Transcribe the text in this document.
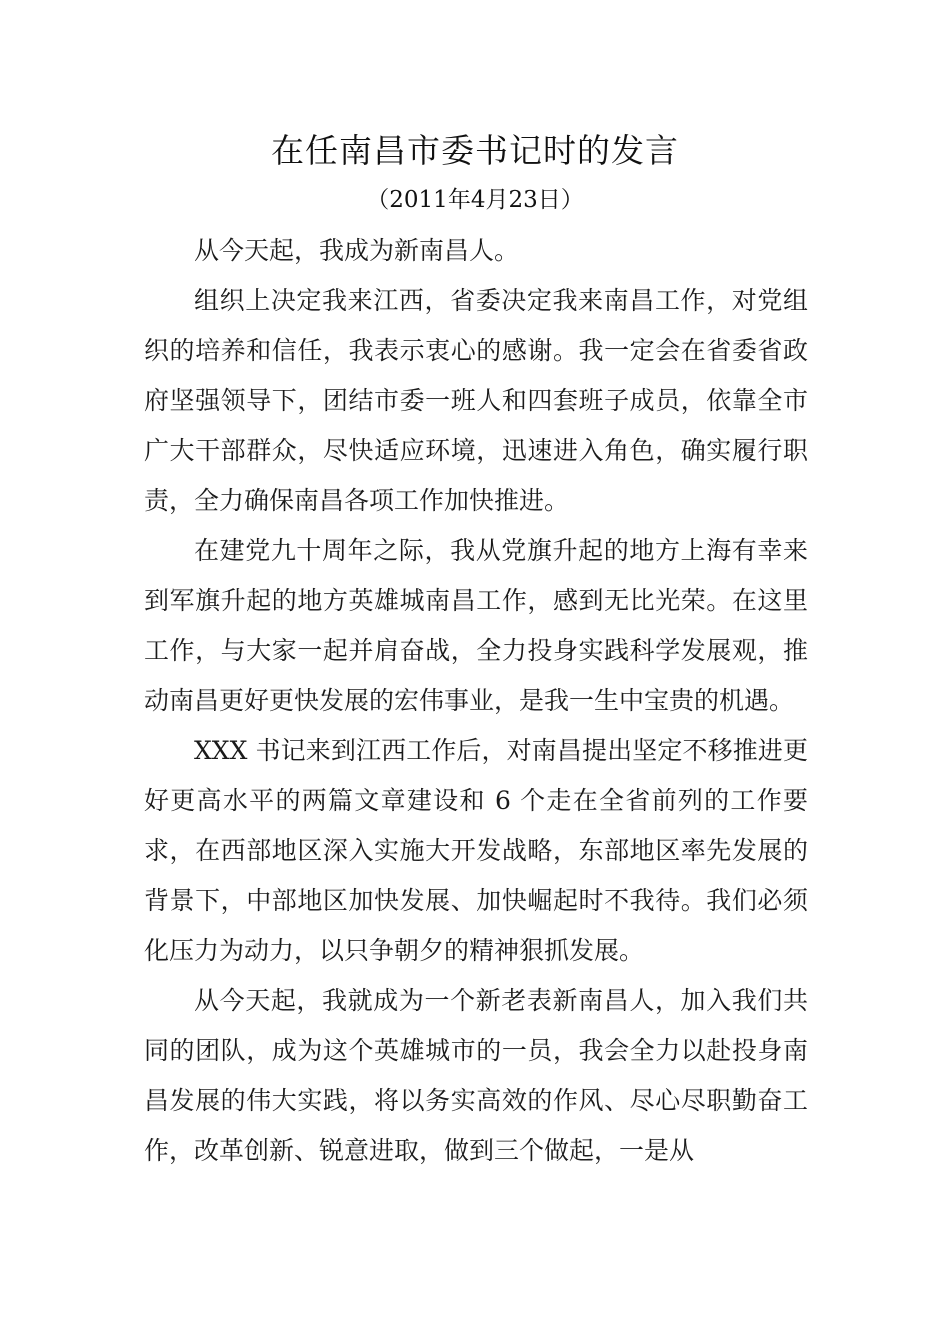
在任南昌市委书记时的发言
（2011年4月23日）

从今天起，我成为新南昌人。

组织上决定我来江西，省委决定我来南昌工作，对党组织的培养和信任，我表示衷心的感谢。我一定会在省委省政府坚强领导下，团结市委一班人和四套班子成员，依靠全市广大干部群众，尽快适应环境，迅速进入角色，确实履行职责，全力确保南昌各项工作加快推进。

在建党九十周年之际，我从党旗升起的地方上海有幸来到军旗升起的地方英雄城南昌工作，感到无比光荣。在这里工作，与大家一起并肩奋战，全力投身实践科学发展观，推动南昌更好更快发展的宏伟事业，是我一生中宝贵的机遇。

XXX 书记来到江西工作后，对南昌提出坚定不移推进更好更高水平的两篇文章建设和 6 个走在全省前列的工作要求，在西部地区深入实施大开发战略，东部地区率先发展的背景下，中部地区加快发展、加快崛起时不我待。我们必须化压力为动力，以只争朝夕的精神狠抓发展。

从今天起，我就成为一个新老表新南昌人，加入我们共同的团队，成为这个英雄城市的一员，我会全力以赴投身南昌发展的伟大实践，将以务实高效的作风、尽心尽职勤奋工作，改革创新、锐意进取，做到三个做起，一是从
